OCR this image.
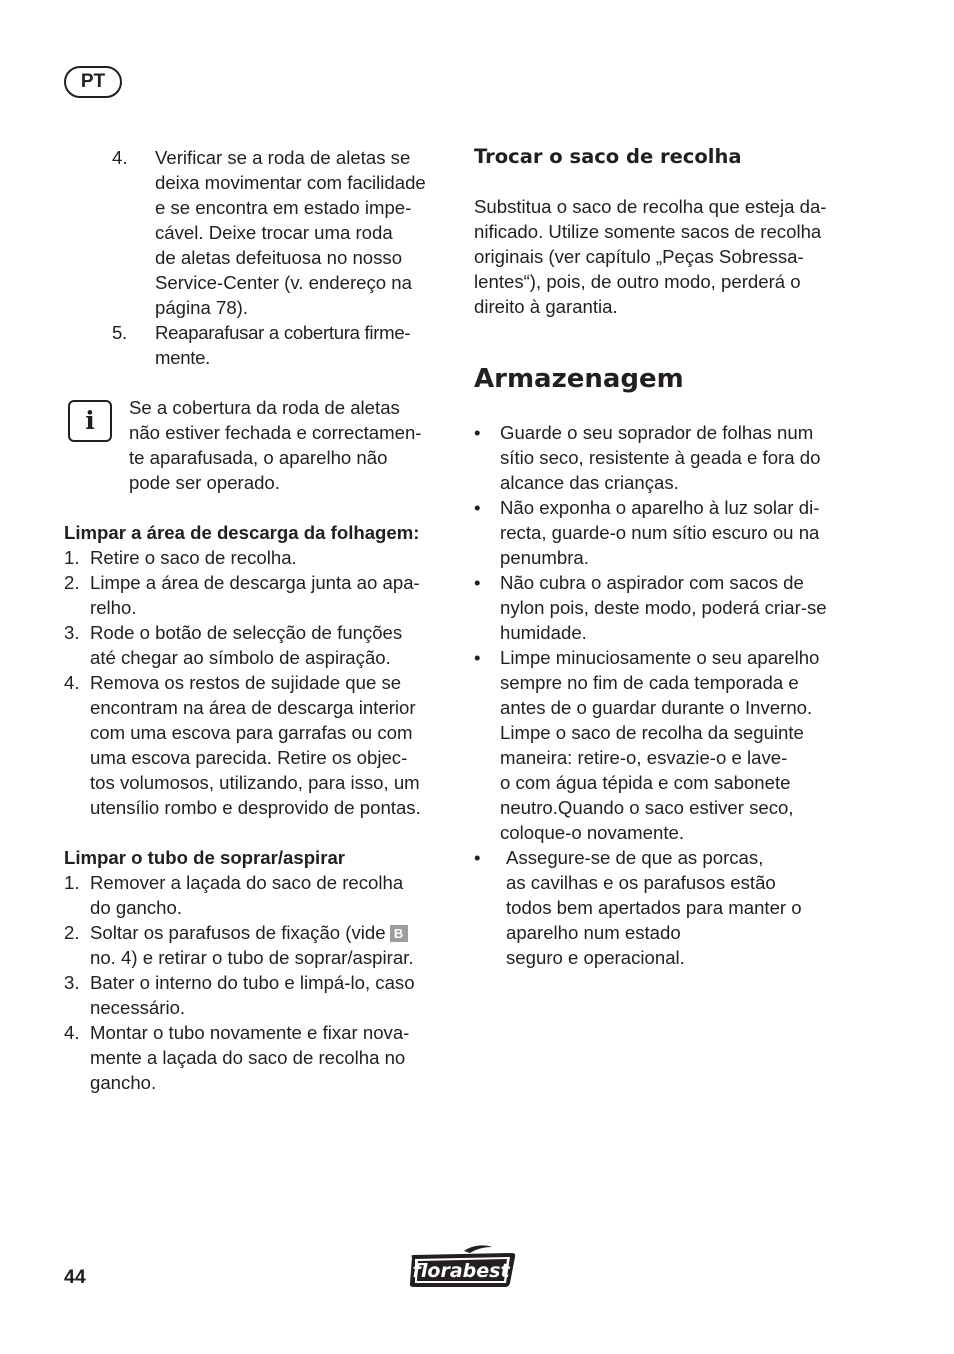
PT
4. Verificar se a roda de aletas se
deixa movimentar com facilidade
e se encontra em estado impe-
cável. Deixe trocar uma roda
de aletas defeituosa no nosso
Service-Center (v. endereço na
página 78).
5. Reaparafusar a cobertura firme-
mente.
i	Se a cobertura da roda de aletas
não estiver fechada e correctamen-
te aparafusada, o aparelho não
pode ser operado.
Limpar a área de descarga da folhagem:
1. Retire o saco de recolha.
2. Limpe a área de descarga junta ao apa-
relho.
3. Rode o botão de selecção de funções
até chegar ao símbolo de aspiração.
4. Remova os restos de sujidade que se
encontram na área de descarga interior
com uma escova para garrafas ou com
uma escova parecida. Retire os objec-
tos volumosos, utilizando, para isso, um
utensílio rombo e desprovido de pontas.
Limpar o tubo de soprar/aspirar
1. Remover a laçada do saco de recolha
do gancho.
2. Soltar os parafusos de fixação (vide B
no. 4) e retirar o tubo de soprar/aspirar.
3. Bater o interno do tubo e limpá-lo, caso
necessário.
4. Montar o tubo novamente e fixar nova-
mente a laçada do saco de recolha no
gancho.
Trocar o saco de recolha
Substitua o saco de recolha que esteja da-
nificado. Utilize somente sacos de recolha
originais (ver capítulo „Peças Sobressa-
lentes“), pois, de outro modo, perderá o
direito à garantia.
Armazenagem
• Guarde o seu soprador de folhas num
sítio seco, resistente à geada e fora do
alcance das crianças.
• Não exponha o aparelho à luz solar di-
recta, guarde-o num sítio escuro ou na
penumbra.
• Não cubra o aspirador com sacos de
nylon pois, deste modo, poderá criar-se
humidade.
• Limpe minuciosamente o seu aparelho
sempre no fim de cada temporada e
antes de o guardar durante o Inverno.
Limpe o saco de recolha da seguinte
maneira: retire-o, esvazie-o e lave-
o com água tépida e com sabonete
neutro.Quando o saco estiver seco,
coloque-o novamente.
• Assegure-se de que as porcas,
as cavilhas e os parafusos estão
todos bem apertados para manter o
aparelho num estado
seguro e operacional.
44	florabest
